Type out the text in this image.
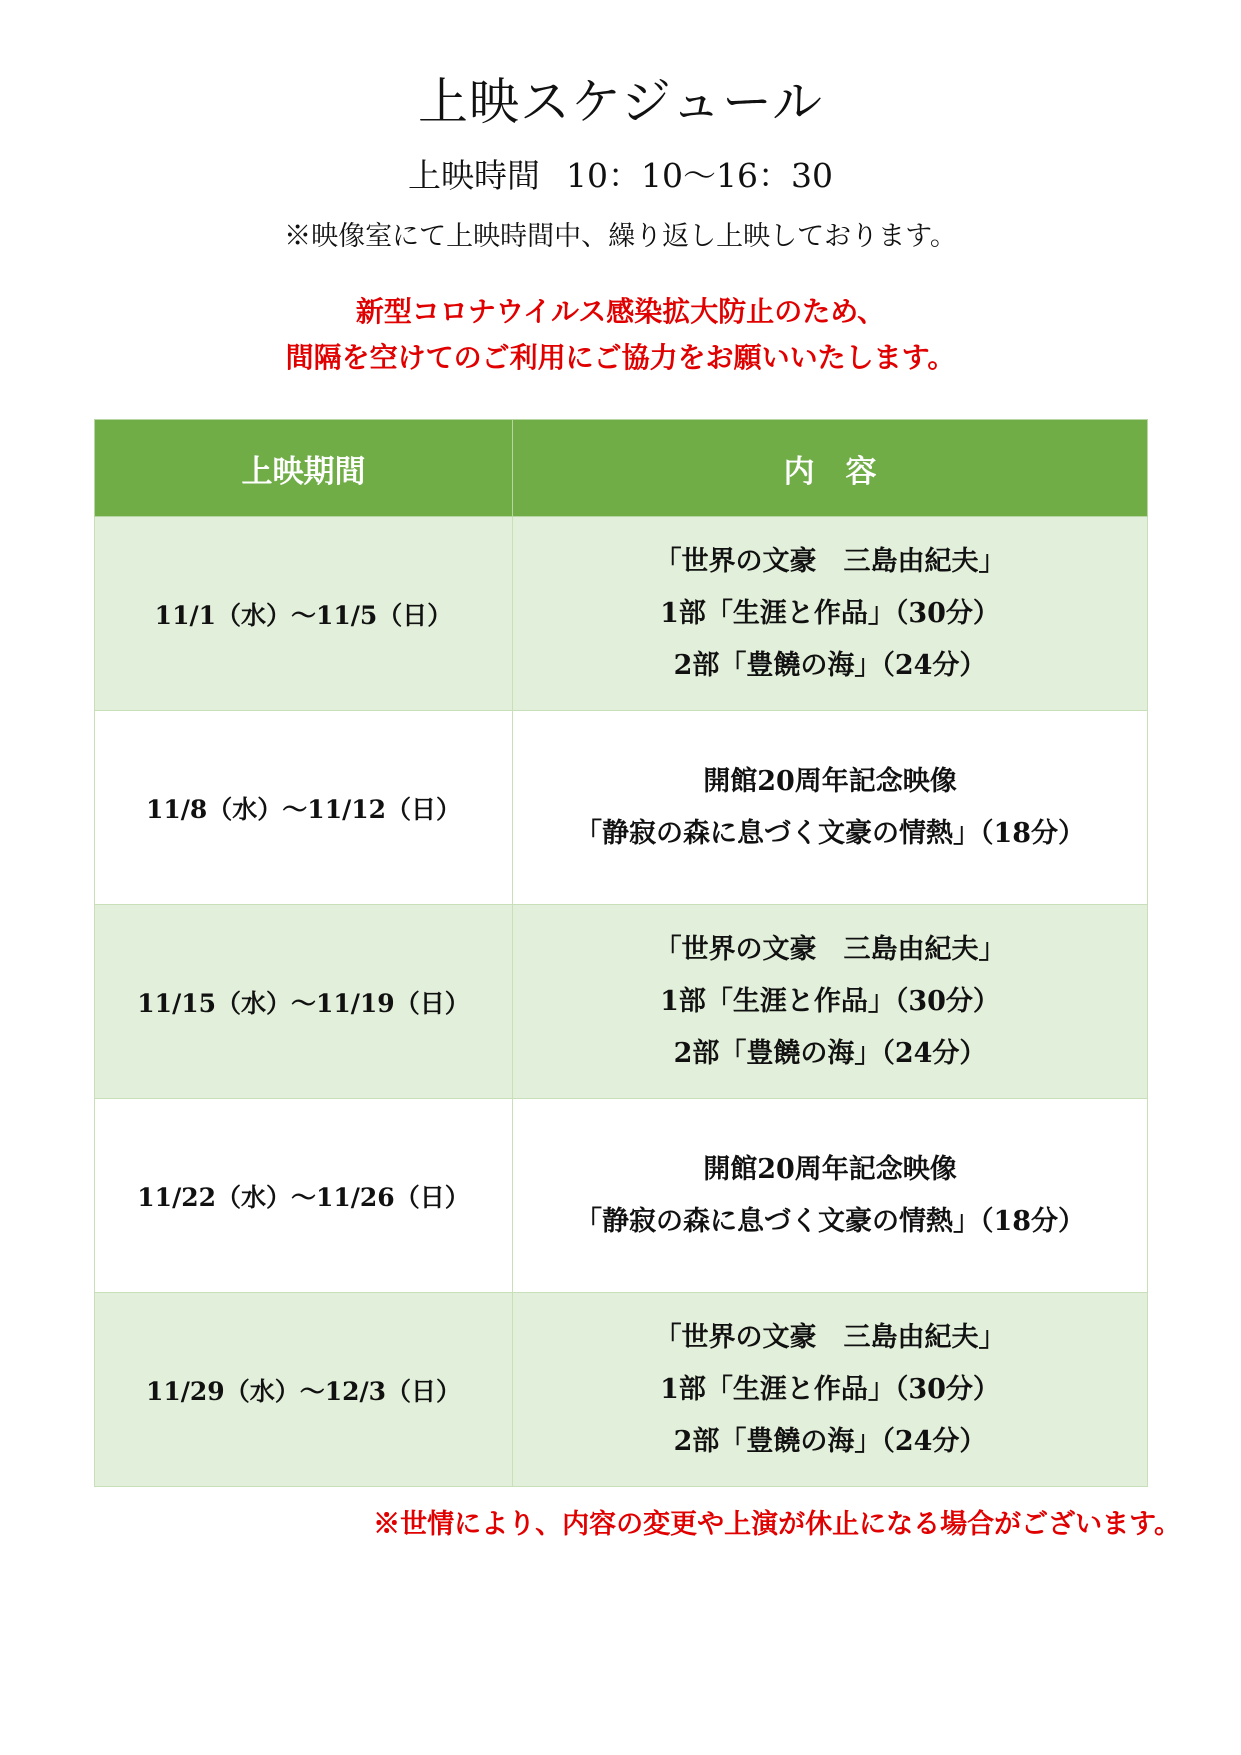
上映スケジュール
上映時間 10：10～16：30
※映像室にて上映時間中、繰り返し上映しております。
新型コロナウイルス感染拡大防止のため、
間隔を空けてのご利用にご協力をお願いいたします。
上映期間	内　容
11/1（水）～11/5（日）	「世界の文豪　三島由紀夫」
1部「生涯と作品」（30分）
2部「豊饒の海」（24分）

11/8（水）～11/12（日）	開館20周年記念映像
「静寂の森に息づく文豪の情熱」（18分）

11/15（水）～11/19（日）	「世界の文豪　三島由紀夫」
1部「生涯と作品」（30分）
2部「豊饒の海」（24分）

11/22（水）～11/26（日）	開館20周年記念映像
「静寂の森に息づく文豪の情熱」（18分）

11/29（水）～12/3（日）	「世界の文豪　三島由紀夫」
1部「生涯と作品」（30分）
2部「豊饒の海」（24分）
※世情により、内容の変更や上演が休止になる場合がございます。
